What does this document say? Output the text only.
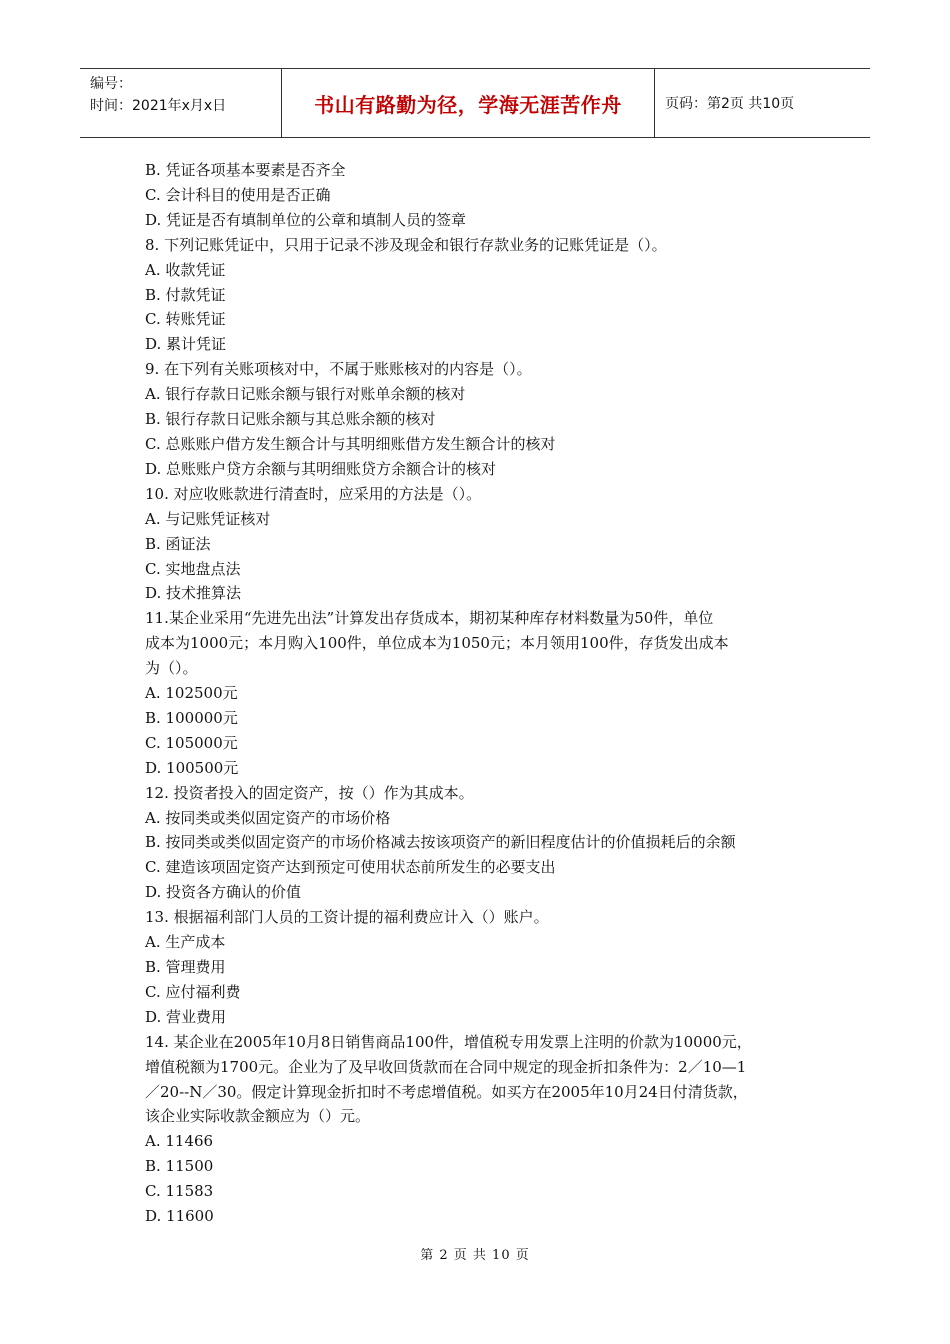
编号：
时间：2021年x月x日	书山有路勤为径，学海无涯苦作舟	页码：第2页 共10页
B. 凭证各项基本要素是否齐全
C. 会计科目的使用是否正确
D. 凭证是否有填制单位的公章和填制人员的签章
8. 下列记账凭证中，只用于记录不涉及现金和银行存款业务的记账凭证是（）。
A. 收款凭证
B. 付款凭证
C. 转账凭证
D. 累计凭证
9. 在下列有关账项核对中，不属于账账核对的内容是（）。
A. 银行存款日记账余额与银行对账单余额的核对
B. 银行存款日记账余额与其总账余额的核对
C. 总账账户借方发生额合计与其明细账借方发生额合计的核对
D. 总账账户贷方余额与其明细账贷方余额合计的核对
10. 对应收账款进行清查时，应采用的方法是（）。
A. 与记账凭证核对
B. 函证法
C. 实地盘点法
D. 技术推算法
11.某企业采用“先进先出法”计算发出存货成本，期初某种库存材料数量为50件，单位
成本为1000元；本月购入100件，单位成本为1050元；本月领用100件，存货发出成本
为（）。
A. 102500元
B. 100000元
C. 105000元
D. 100500元
12. 投资者投入的固定资产，按（）作为其成本。
A. 按同类或类似固定资产的市场价格
B. 按同类或类似固定资产的市场价格减去按该项资产的新旧程度估计的价值损耗后的余额
C. 建造该项固定资产达到预定可使用状态前所发生的必要支出
D. 投资各方确认的价值
13. 根据福利部门人员的工资计提的福利费应计入（）账户。
A. 生产成本
B. 管理费用
C. 应付福利费
D. 营业费用
14. 某企业在2005年10月8日销售商品100件，增值税专用发票上注明的价款为10000元，
增值税额为1700元。企业为了及早收回货款而在合同中规定的现金折扣条件为：2／10—1
／20--N／30。假定计算现金折扣时不考虑增值税。如买方在2005年10月24日付清货款，
该企业实际收款金额应为（）元。
A. 11466
B. 11500
C. 11583
D. 11600
第 2 页 共 10 页
